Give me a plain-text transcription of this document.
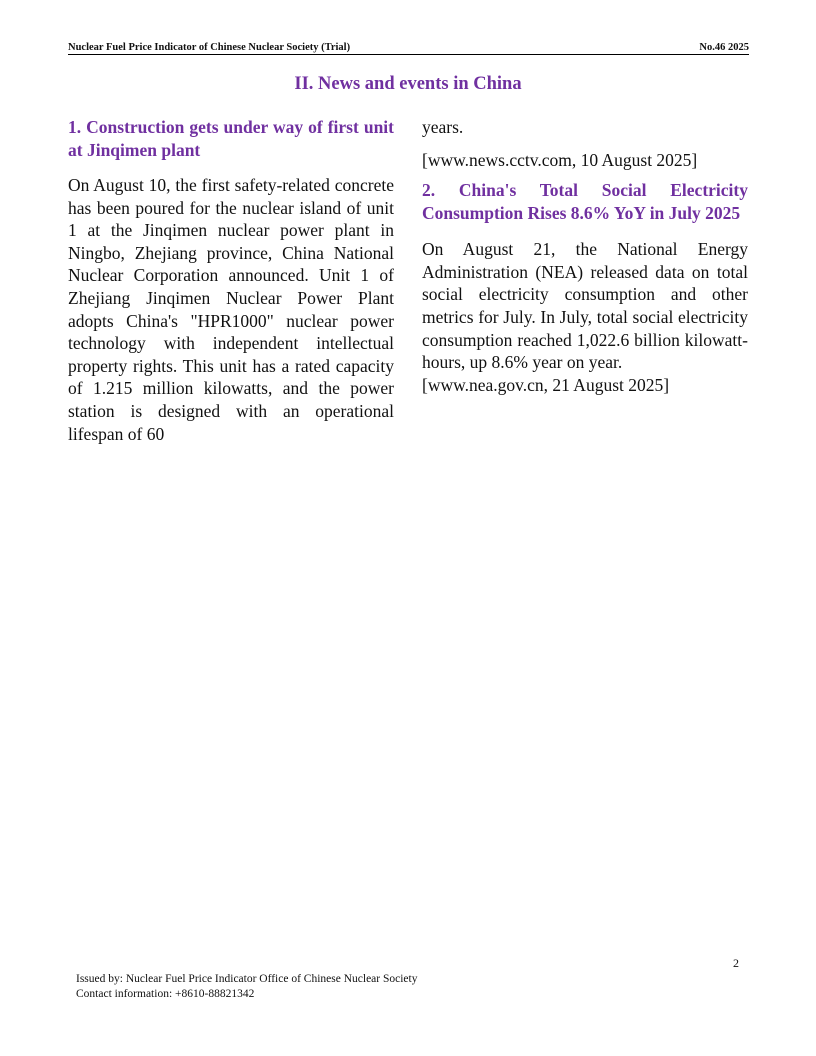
Nuclear Fuel Price Indicator of Chinese Nuclear Society (Trial)	No.46 2025
II. News and events in China
1. Construction gets under way of first unit at Jinqimen plant

On August 10, the first safety-related concrete has been poured for the nuclear island of unit 1 at the Jinqimen nuclear power plant in Ningbo, Zhejiang province, China National Nuclear Corporation announced. Unit 1 of Zhejiang Jinqimen Nuclear Power Plant adopts China's "HPR1000" nuclear power technology with independent intellectual property rights. This unit has a rated capacity of 1.215 million kilowatts, and the power station is designed with an operational lifespan of 60

years.

[www.news.cctv.com, 10 August 2025]

2. China's Total Social Electricity Consumption Rises 8.6% YoY in July 2025

On August 21, the National Energy Administration (NEA) released data on total social electricity consumption and other metrics for July. In July, total social electricity consumption reached 1,022.6 billion kilowatt-hours, up 8.6% year on year.

[www.nea.gov.cn, 21 August 2025]

2
Issued by: Nuclear Fuel Price Indicator Office of Chinese Nuclear Society
Contact information: +8610-88821342
